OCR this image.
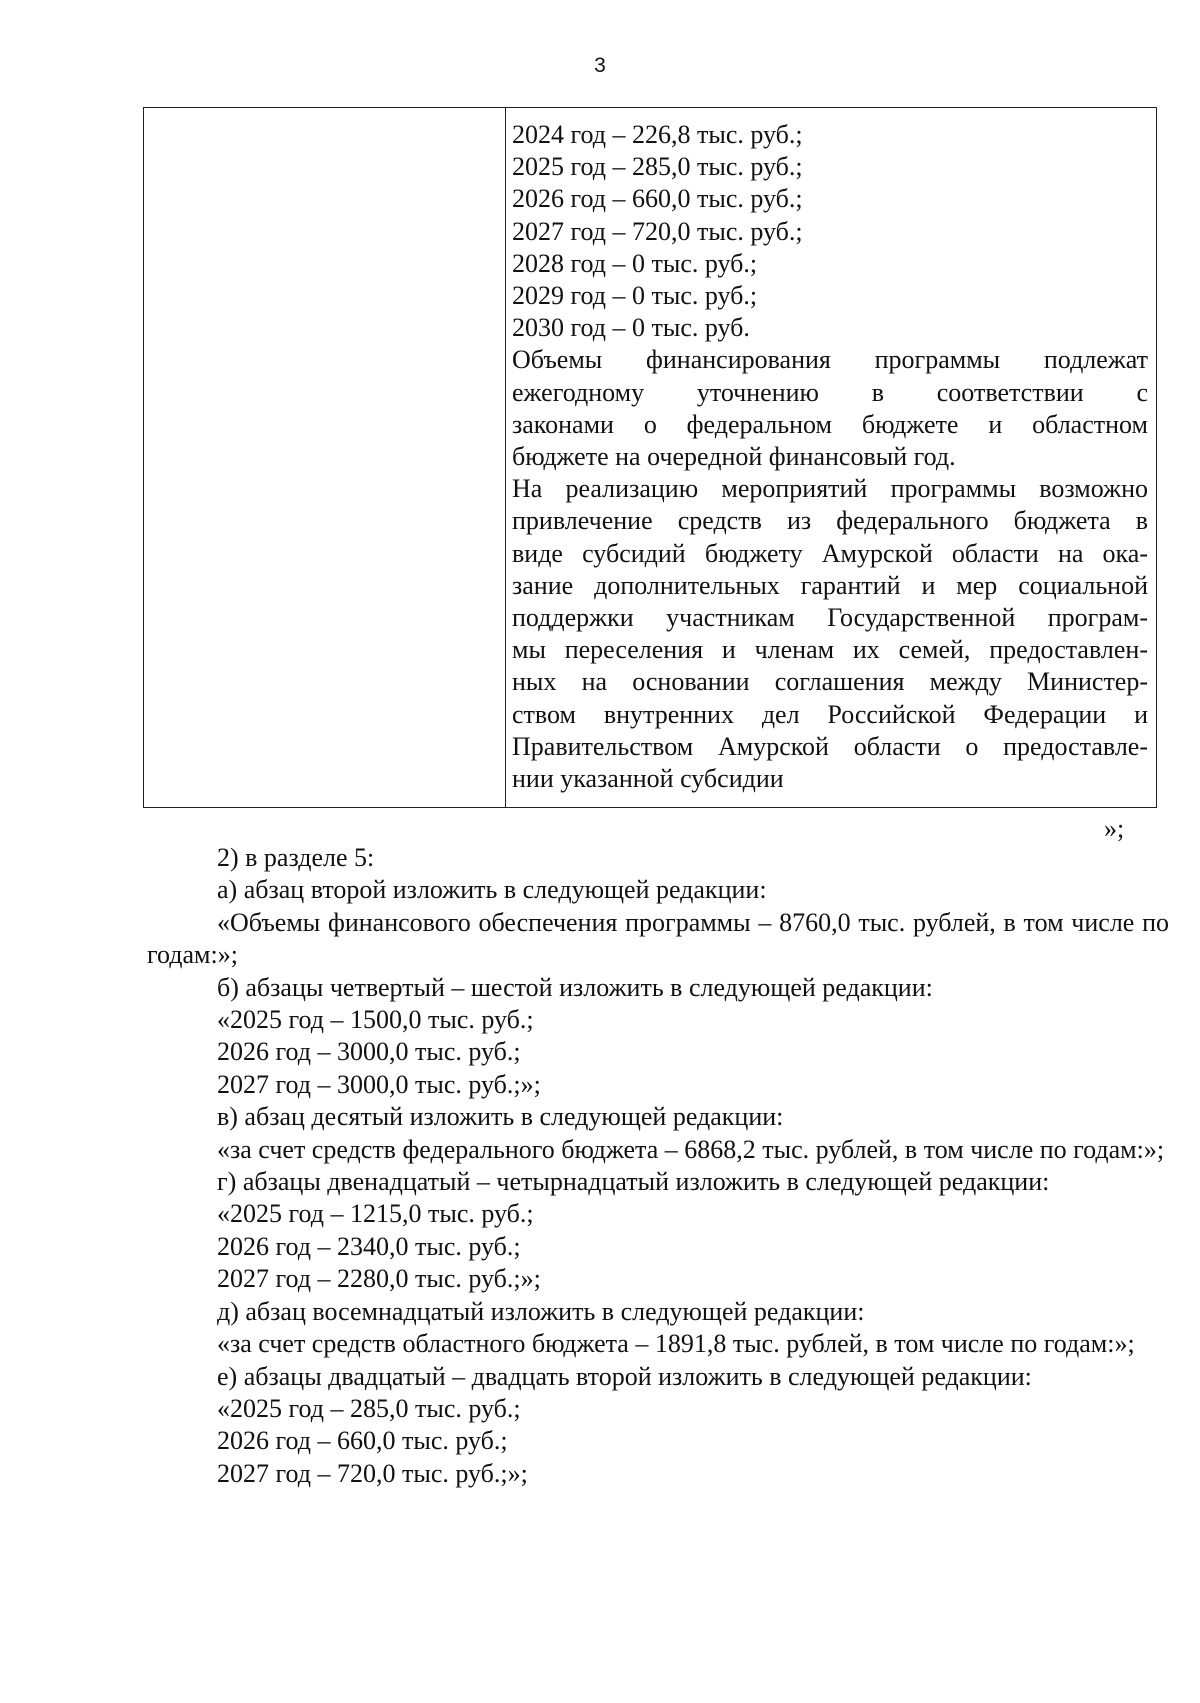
3
2024 год – 226,8 тыс. руб.;
2025 год – 285,0 тыс. руб.;
2026 год – 660,0 тыс. руб.;
2027 год – 720,0 тыс. руб.;
2028 год – 0 тыс. руб.;
2029 год – 0 тыс. руб.;
2030 год – 0 тыс. руб.
Объемы финансирования программы подлежат
ежегодному уточнению в соответствии с
законами о федеральном бюджете и областном
бюджете на очередной финансовый год.
На реализацию мероприятий программы возможно
привлечение средств из федерального бюджета в
виде субсидий бюджету Амурской области на ока-
зание дополнительных гарантий и мер социальной
поддержки участникам Государственной програм-
мы переселения и членам их семей, предоставлен-
ных на основании соглашения между Министер-
ством внутренних дел Российской Федерации и
Правительством Амурской области о предоставле-
нии указанной субсидии
»;
2) в разделе 5:
а) абзац второй изложить в следующей редакции:
«Объемы финансового обеспечения программы – 8760,0 тыс. рублей, в том числе по годам:»;
б) абзацы четвертый – шестой изложить в следующей редакции:
«2025 год – 1500,0 тыс. руб.;
2026 год – 3000,0 тыс. руб.;
2027 год – 3000,0 тыс. руб.;»;
в) абзац десятый изложить в следующей редакции:
«за счет средств федерального бюджета – 6868,2 тыс. рублей, в том числе по годам:»;
г) абзацы двенадцатый – четырнадцатый изложить в следующей редакции:
«2025 год – 1215,0 тыс. руб.;
2026 год – 2340,0 тыс. руб.;
2027 год – 2280,0 тыс. руб.;»;
д) абзац восемнадцатый изложить в следующей редакции:
«за счет средств областного бюджета – 1891,8 тыс. рублей, в том числе по годам:»;
е) абзацы двадцатый – двадцать второй изложить в следующей редакции:
«2025 год – 285,0 тыс. руб.;
2026 год – 660,0 тыс. руб.;
2027 год – 720,0 тыс. руб.;»;
